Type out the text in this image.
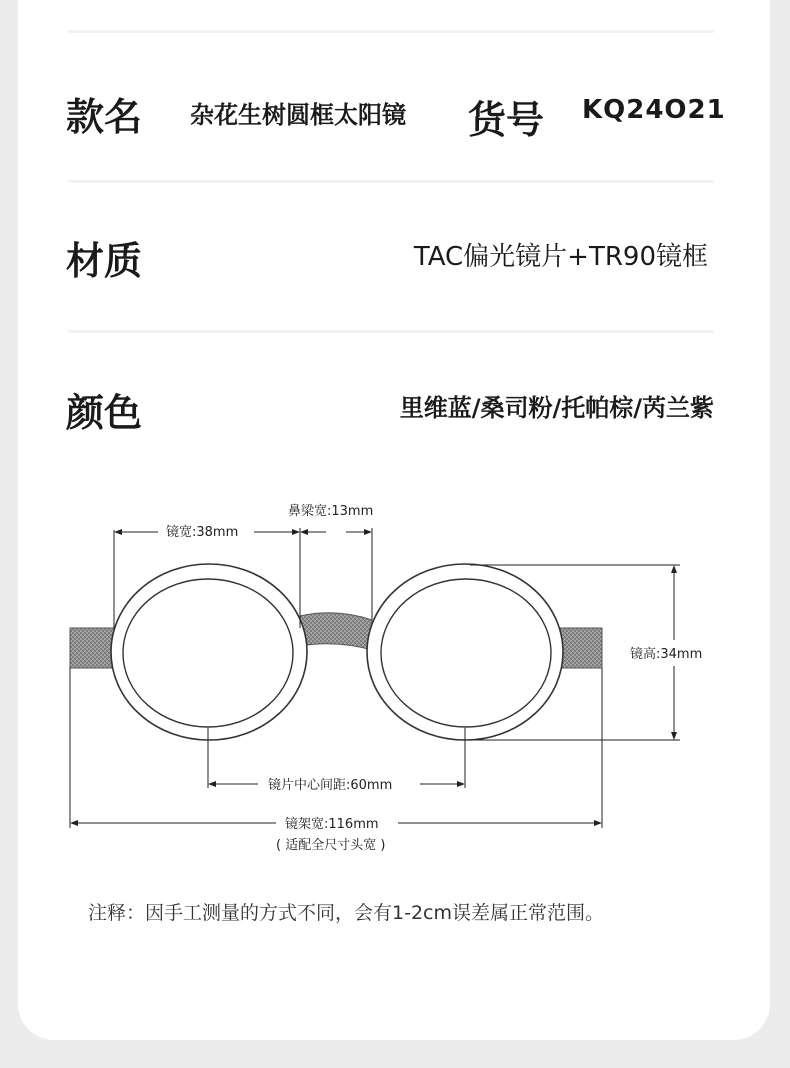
款名 杂花生树圆框太阳镜 货号 KQ24O21
材质	TAC偏光镜片+TR90镜框
颜色	里维蓝/桑司粉/托帕棕/芮兰紫
镜宽:38mm
鼻梁宽:13mm
镜高:34mm
镜片中心间距:60mm
镜架宽:116mm
( 适配全尺寸头宽 )
注释：因手工测量的方式不同，会有1-2cm误差属正常范围。
